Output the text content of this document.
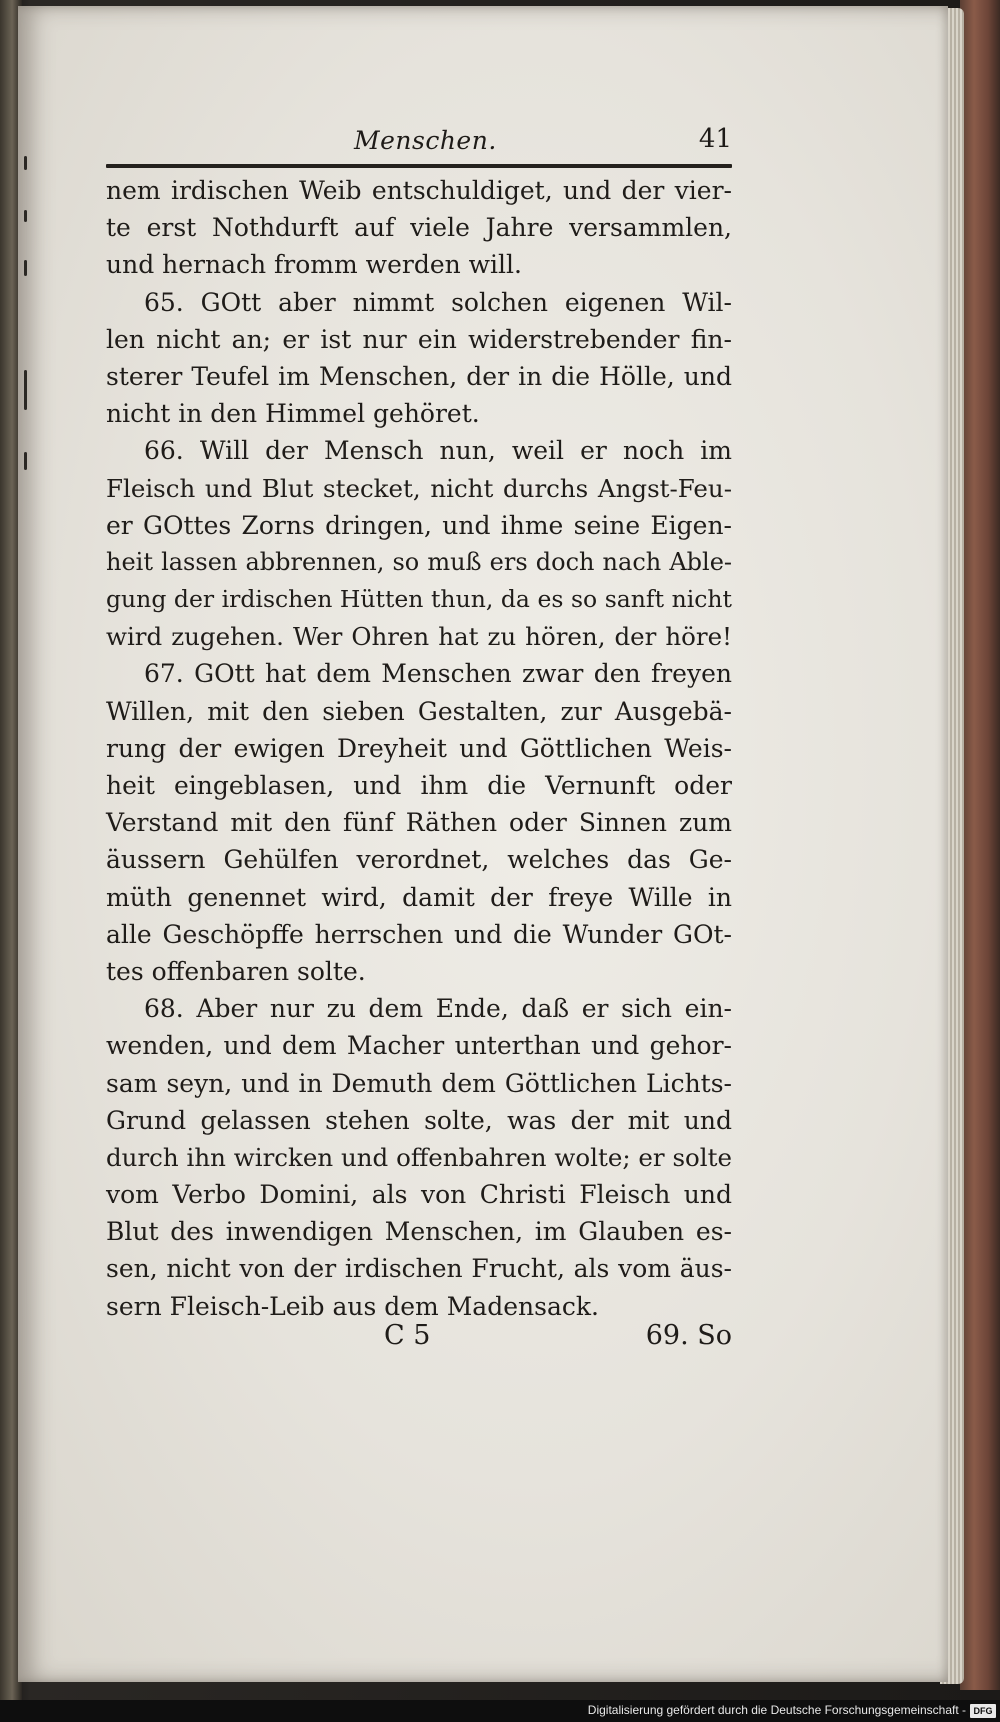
Menschen.	41
nem irdischen Weib entschuldiget, und der vier-
te erst Nothdurft auf viele Jahre versammlen,
und hernach fromm werden will.
65. GOtt aber nimmt solchen eigenen Wil-
len nicht an; er ist nur ein widerstrebender fin-
sterer Teufel im Menschen, der in die Hölle, und
nicht in den Himmel gehöret.
66. Will der Mensch nun, weil er noch im
Fleisch und Blut stecket, nicht durchs Angst-Feu-
er GOttes Zorns dringen, und ihme seine Eigen-
heit lassen abbrennen, so muß ers doch nach Able-
gung der irdischen Hütten thun, da es so sanft nicht
wird zugehen. Wer Ohren hat zu hören, der höre!
67. GOtt hat dem Menschen zwar den freyen
Willen, mit den sieben Gestalten, zur Ausgebä-
rung der ewigen Dreyheit und Göttlichen Weis-
heit eingeblasen, und ihm die Vernunft oder
Verstand mit den fünf Räthen oder Sinnen zum
äussern Gehülfen verordnet, welches das Ge-
müth genennet wird, damit der freye Wille in
alle Geschöpffe herrschen und die Wunder GOt-
tes offenbaren solte.
68. Aber nur zu dem Ende, daß er sich ein-
wenden, und dem Macher unterthan und gehor-
sam seyn, und in Demuth dem Göttlichen Lichts-
Grund gelassen stehen solte, was der mit und
durch ihn wircken und offenbahren wolte; er solte
vom Verbo Domini, als von Christi Fleisch und
Blut des inwendigen Menschen, im Glauben es-
sen, nicht von der irdischen Frucht, als vom äus-
sern Fleisch-Leib aus dem Madensack.
C 5	69. So
Digitalisierung gefördert durch die Deutsche Forschungsgemeinschaft - DFG
